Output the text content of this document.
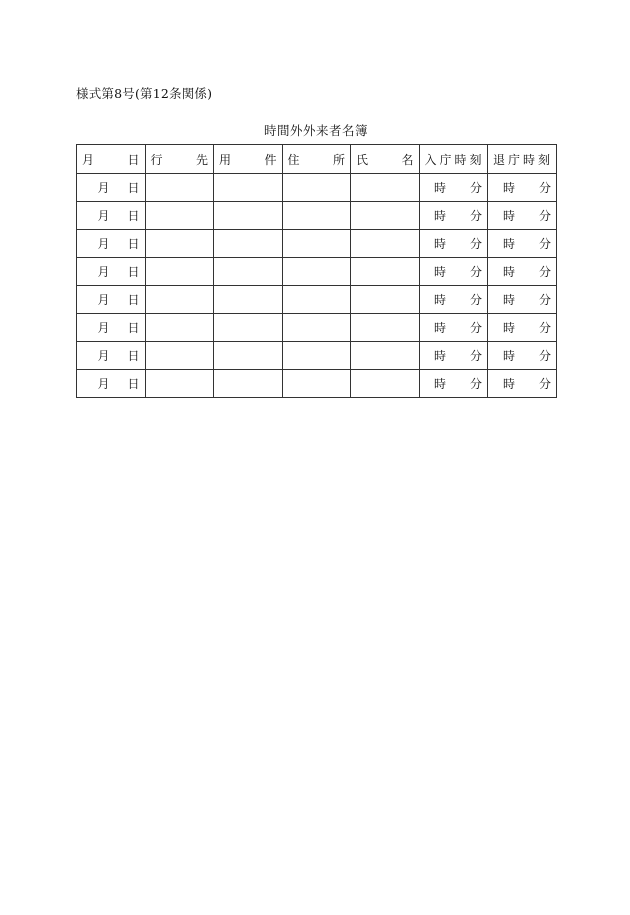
様式第8号(第12条関係)
時間外外来者名簿
月 日	行 先	用 件	住 所	氏 名	入庁時刻	退庁時刻

月 日					時 分	時 分

月 日					時 分	時 分

月 日					時 分	時 分

月 日					時 分	時 分

月 日					時 分	時 分

月 日					時 分	時 分

月 日					時 分	時 分

月 日					時 分	時 分
